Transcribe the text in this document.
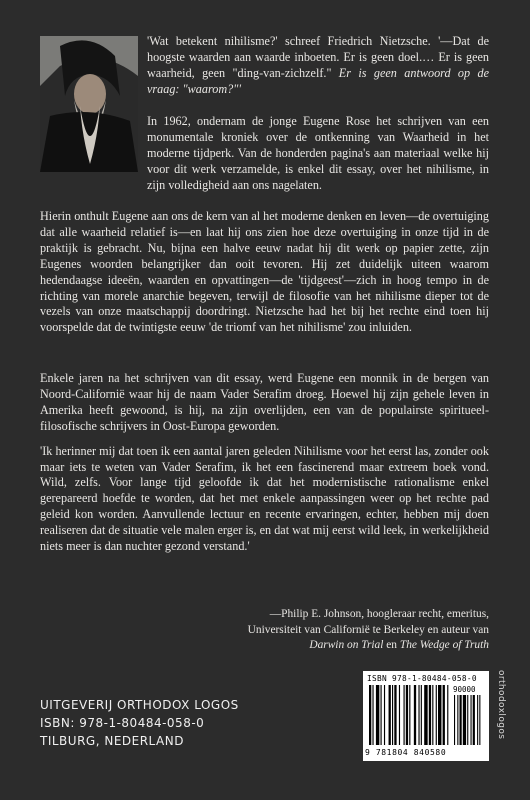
'Wat betekent nihilisme?' schreef Friedrich Nietzsche. '—Dat de hoogste waarden aan waarde inboeten. Er is geen doel.… Er is geen waarheid, geen "ding-van-zichzelf." Er is geen antwoord op de vraag: "waarom?"'

In 1962, ondernam de jonge Eugene Rose het schrijven van een monumentale kroniek over de ontkenning van Waarheid in het moderne tijdperk. Van de honderden pagina's aan materiaal welke hij voor dit werk verzamelde, is enkel dit essay, over het nihilisme, in zijn volledigheid aan ons nagelaten.

Hierin onthult Eugene aan ons de kern van al het moderne denken en leven—de overtuiging dat alle waarheid relatief is—en laat hij ons zien hoe deze overtuiging in onze tijd in de praktijk is gebracht. Nu, bijna een halve eeuw nadat hij dit werk op papier zette, zijn Eugenes woorden belangrijker dan ooit tevoren. Hij zet duidelijk uiteen waarom hedendaagse ideeën, waarden en opvattingen—de 'tijdgeest'—zich in hoog tempo in de richting van morele anarchie begeven, terwijl de filosofie van het nihilisme dieper tot de vezels van onze maatschappij doordringt. Nietzsche had het bij het rechte eind toen hij voorspelde dat de twintigste eeuw 'de triomf van het nihilisme' zou inluiden.

Enkele jaren na het schrijven van dit essay, werd Eugene een monnik in de bergen van Noord-Californië waar hij de naam Vader Serafim droeg. Hoewel hij zijn gehele leven in Amerika heeft gewoond, is hij, na zijn overlijden, een van de populairste spiritueel-filosofische schrijvers in Oost-Europa geworden.

'Ik herinner mij dat toen ik een aantal jaren geleden Nihilisme voor het eerst las, zonder ook maar iets te weten van Vader Serafim, ik het een fascinerend maar extreem boek vond. Wild, zelfs. Voor lange tijd geloofde ik dat het modernistische rationalisme enkel gerepareerd hoefde te worden, dat het met enkele aanpassingen weer op het rechte pad geleid kon worden. Aanvullende lectuur en recente ervaringen, echter, hebben mij doen realiseren dat de situatie vele malen erger is, en dat wat mij eerst wild leek, in werkelijkheid niets meer is dan nuchter gezond verstand.'

—Philip E. Johnson, hoogleraar recht, emeritus,
Universiteit van Californië te Berkeley en auteur van
Darwin on Trial en The Wedge of Truth
UITGEVERIJ ORTHODOX LOGOS
ISBN: 978-1-80484-058-0
TILBURG, NEDERLAND
ISBN 978-1-80484-058-0
90000
9 781804 840580
orthodoxlogos
